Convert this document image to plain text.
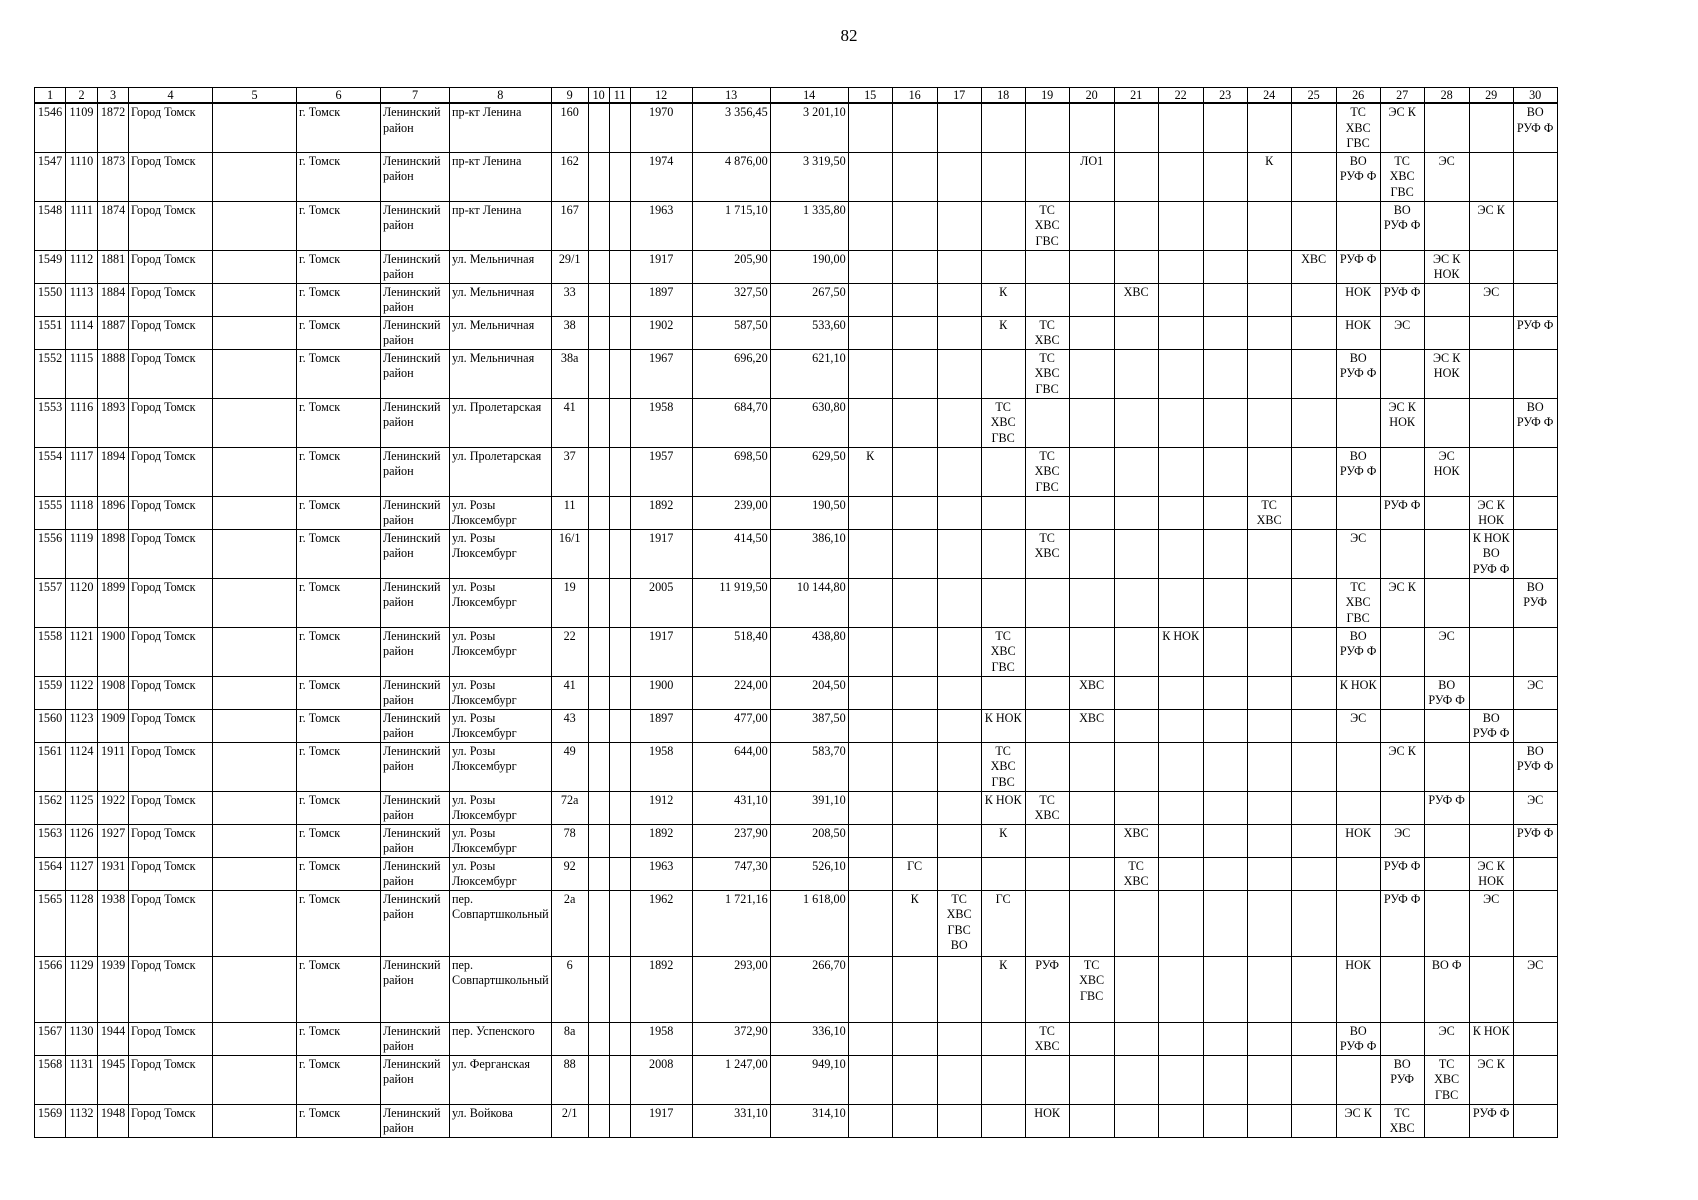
82
1	2	3	4	5	6	7	8	9	10	11	12	13	14	15	16	17	18	19	20	21	22	23	24	25	26	27	28	29	30
1546	1109	1872	Город Томск		г. Томск	Ленинский район	пр-кт Ленина	160			1970	3 356,45	3 201,10												ТС
ХВС
ГВС	ЭС К			ВО
РУФ Ф
1547	1110	1873	Город Томск		г. Томск	Ленинский район	пр-кт Ленина	162			1974	4 876,00	3 319,50						ЛО1				К		ВО
РУФ Ф	ТС
ХВС
ГВС	ЭС		
1548	1111	1874	Город Томск		г. Томск	Ленинский район	пр-кт Ленина	167			1963	1 715,10	1 335,80					ТС
ХВС
ГВС								ВО
РУФ Ф		ЭС К	
1549	1112	1881	Город Томск		г. Томск	Ленинский район	ул. Мельничная	29/1			1917	205,90	190,00											ХВС	РУФ Ф		ЭС К
НОК		
1550	1113	1884	Город Томск		г. Томск	Ленинский район	ул. Мельничная	33			1897	327,50	267,50				К			ХВС					НОК	РУФ Ф		ЭС	
1551	1114	1887	Город Томск		г. Томск	Ленинский район	ул. Мельничная	38			1902	587,50	533,60				К	ТС
ХВС							НОК	ЭС			РУФ Ф
1552	1115	1888	Город Томск		г. Томск	Ленинский район	ул. Мельничная	38а			1967	696,20	621,10					ТС
ХВС
ГВС							ВО
РУФ Ф		ЭС К
НОК		
1553	1116	1893	Город Томск		г. Томск	Ленинский район	ул. Пролетарская	41			1958	684,70	630,80				ТС
ХВС
ГВС									ЭС К
НОК			ВО
РУФ Ф
1554	1117	1894	Город Томск		г. Томск	Ленинский район	ул. Пролетарская	37			1957	698,50	629,50	К				ТС
ХВС
ГВС							ВО
РУФ Ф		ЭС
НОК		
1555	1118	1896	Город Томск		г. Томск	Ленинский район	ул. Розы Люксембург	11			1892	239,00	190,50										ТС
ХВС			РУФ Ф		ЭС К
НОК	
1556	1119	1898	Город Томск		г. Томск	Ленинский район	ул. Розы Люксембург	16/1			1917	414,50	386,10					ТС
ХВС							ЭС			К НОК
ВО
РУФ Ф	
1557	1120	1899	Город Томск		г. Томск	Ленинский район	ул. Розы Люксембург	19			2005	11 919,50	10 144,80												ТС
ХВС
ГВС	ЭС К			ВО
РУФ
1558	1121	1900	Город Томск		г. Томск	Ленинский район	ул. Розы Люксембург	22			1917	518,40	438,80				ТС
ХВС
ГВС				К НОК				ВО
РУФ Ф		ЭС		
1559	1122	1908	Город Томск		г. Томск	Ленинский район	ул. Розы Люксембург	41			1900	224,00	204,50						ХВС						К НОК		ВО
РУФ Ф		ЭС
1560	1123	1909	Город Томск		г. Томск	Ленинский район	ул. Розы Люксембург	43			1897	477,00	387,50				К НОК		ХВС						ЭС			ВО
РУФ Ф	
1561	1124	1911	Город Томск		г. Томск	Ленинский район	ул. Розы Люксембург	49			1958	644,00	583,70				ТС
ХВС
ГВС									ЭС К			ВО
РУФ Ф
1562	1125	1922	Город Томск		г. Томск	Ленинский район	ул. Розы Люксембург	72а			1912	431,10	391,10				К НОК	ТС
ХВС									РУФ Ф		ЭС
1563	1126	1927	Город Томск		г. Томск	Ленинский район	ул. Розы Люксембург	78			1892	237,90	208,50				К			ХВС					НОК	ЭС			РУФ Ф
1564	1127	1931	Город Томск		г. Томск	Ленинский район	ул. Розы Люксембург	92			1963	747,30	526,10		ГС					ТС
ХВС						РУФ Ф		ЭС К
НОК	
1565	1128	1938	Город Томск		г. Томск	Ленинский район	пер. Совпартшкольный	2а			1962	1 721,16	1 618,00		К	ТС
ХВС
ГВС
ВО	ГС									РУФ Ф		ЭС	
1566	1129	1939	Город Томск		г. Томск	Ленинский район	пер. Совпартшкольный	6			1892	293,00	266,70				К	РУФ	ТС
ХВС
ГВС						НОК		ВО Ф		ЭС
1567	1130	1944	Город Томск		г. Томск	Ленинский район	пер. Успенского	8а			1958	372,90	336,10					ТС
ХВС							ВО
РУФ Ф		ЭС	К НОК	
1568	1131	1945	Город Томск		г. Томск	Ленинский район	ул. Ферганская	88			2008	1 247,00	949,10													ВО
РУФ	ТС
ХВС
ГВС	ЭС К	
1569	1132	1948	Город Томск		г. Томск	Ленинский район	ул. Войкова	2/1			1917	331,10	314,10					НОК							ЭС К	ТС
ХВС		РУФ Ф	
